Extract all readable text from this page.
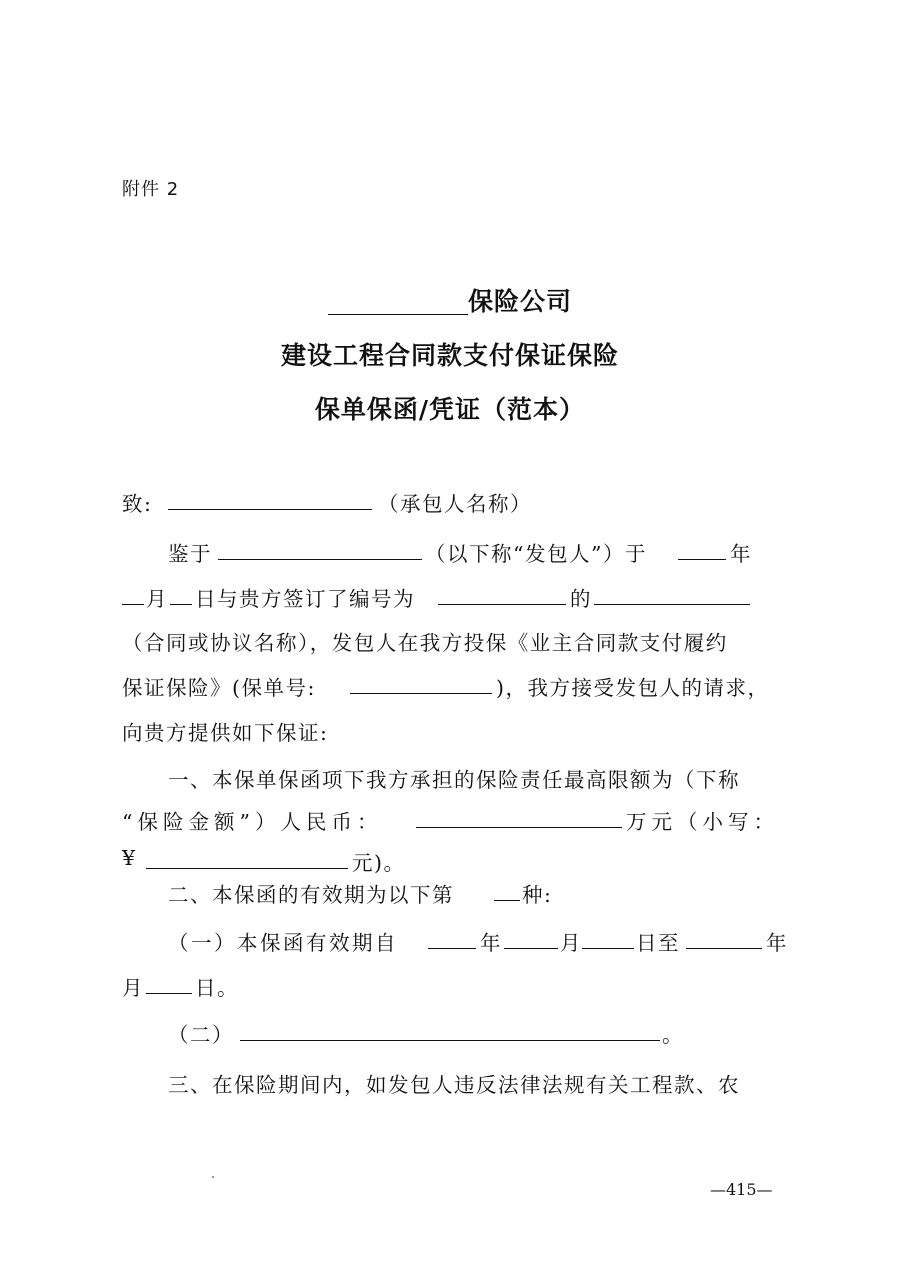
附件 2
保险公司
建设工程合同款支付保证保险
保单保函/凭证（范本）
致:	（承包人名称）
鉴于	（以下称“发包人”）于	年
月 日与贵方签订了编号为	的
（合同或协议名称），发包人在我方投保《业主合同款支付履约
保证保险》(保单号:	)，我方接受发包人的请求，
向贵方提供如下保证:
一、本保单保函项下我方承担的保险责任最高限额为（下称
“保险金额”）人民币：	万元（小写：
¥	元)。
二、本保函的有效期为以下第	种:
（一）本保函有效期自	年	月	日至	年
月 日。
（二）	。
三、在保险期间内，如发包人违反法律法规有关工程款、农
—415—
